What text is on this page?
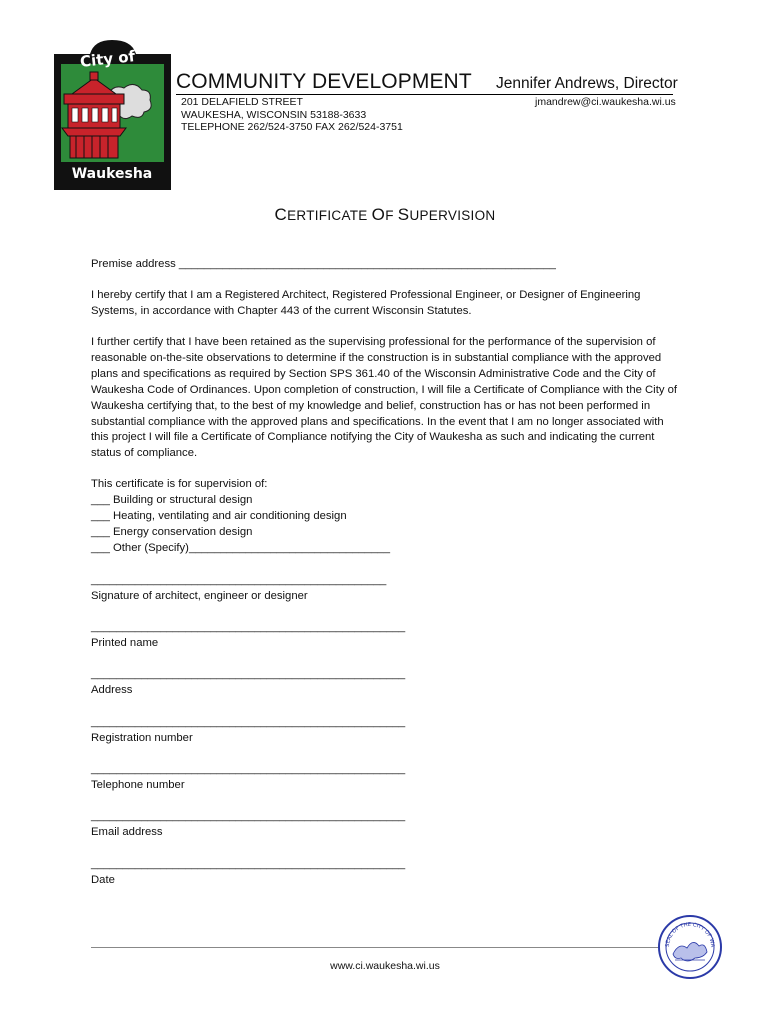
City of
Waukesha
COMMUNITY DEVELOPMENT Jennifer Andrews, Director
201 DELAFIELD STREET
WAUKESHA, WISCONSIN 53188-3633
TELEPHONE 262/524-3750 FAX 262/524-3751
jmandrew@ci.waukesha.wi.us
CERTIFICATE OF SUPERVISION
Premise address ____________________________________________________________
I hereby certify that I am a Registered Architect, Registered Professional Engineer, or Designer of Engineering Systems, in accordance with Chapter 443 of the current Wisconsin Statutes.
I further certify that I have been retained as the supervising professional for the performance of the supervision of reasonable on-the-site observations to determine if the construction is in substantial compliance with the approved plans and specifications as required by Section SPS 361.40 of the Wisconsin Administrative Code and the City of Waukesha Code of Ordinances. Upon completion of construction, I will file a Certificate of Compliance with the City of Waukesha certifying that, to the best of my knowledge and belief, construction has or has not been performed in substantial compliance with the approved plans and specifications. In the event that I am no longer associated with this project I will file a Certificate of Compliance notifying the City of Waukesha as such and indicating the current status of compliance.
This certificate is for supervision of:
___ Building or structural design
___ Heating, ventilating and air conditioning design
___ Energy conservation design
___ Other (Specify)________________________________
_______________________________________________
Signature of architect, engineer or designer
__________________________________________________
Printed name
__________________________________________________
Address
__________________________________________________
Registration number
__________________________________________________
Telephone number
__________________________________________________
Email address
__________________________________________________
Date
www.ci.waukesha.wi.us
SEAL OF THE CITY OF WA
